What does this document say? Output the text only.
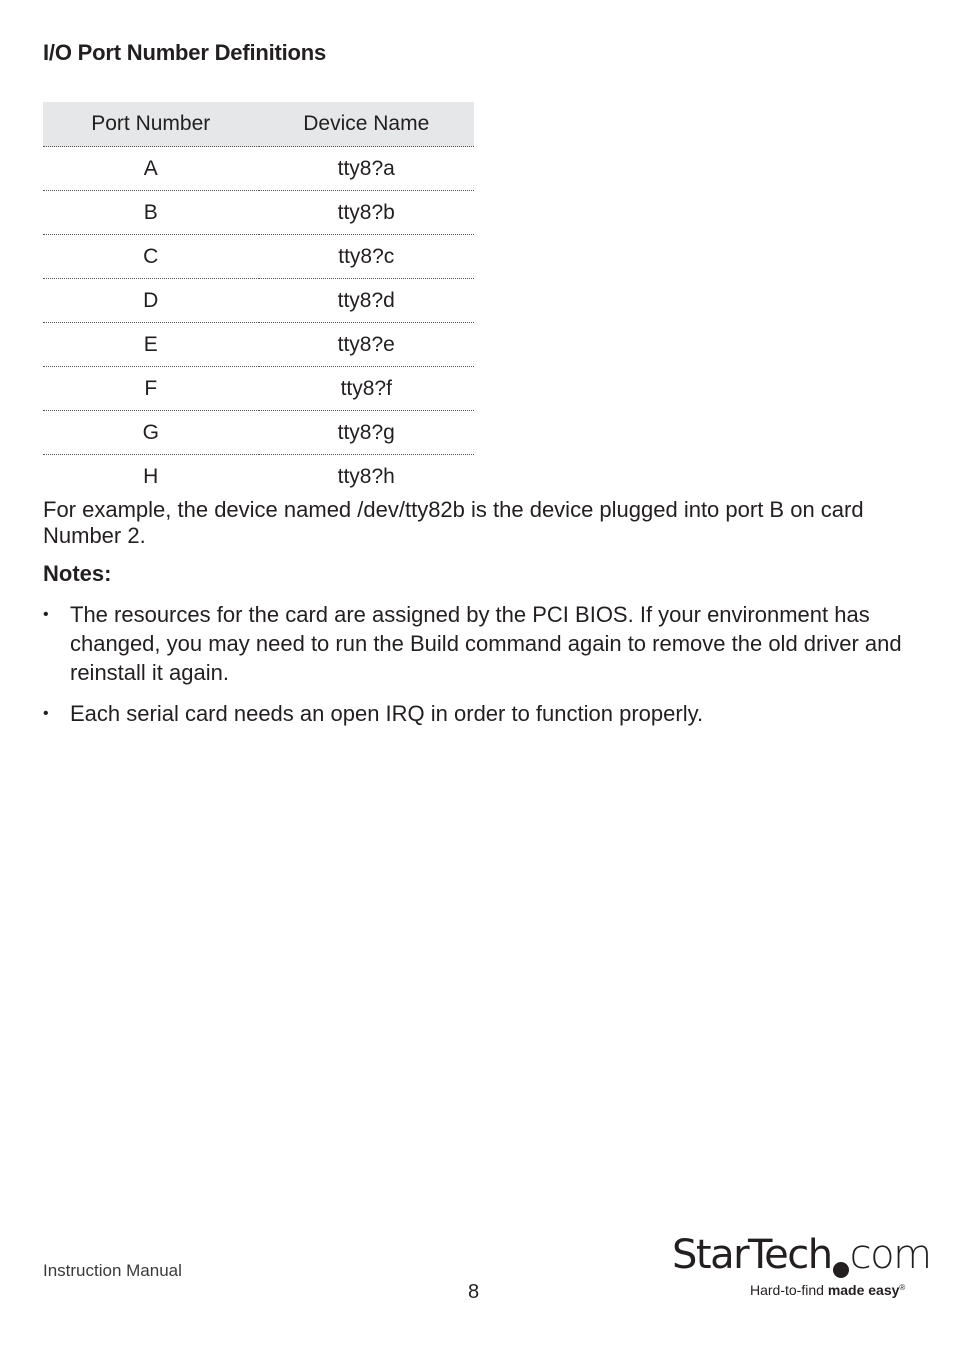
I/O Port Number Definitions
Port Number	Device Name
A	tty8?a
B	tty8?b
C	tty8?c
D	tty8?d
E	tty8?e
F	tty8?f
G	tty8?g
H	tty8?h

For example, the device named /dev/tty82b is the device plugged into port B on card Number 2.

Notes:

• The resources for the card are assigned by the PCI BIOS. If your environment has changed, you may need to run the Build command again to remove the old driver and reinstall it again.
• Each serial card needs an open IRQ in order to function properly.
Instruction Manual
8
StarTech com
Hard-to-find made easy®
